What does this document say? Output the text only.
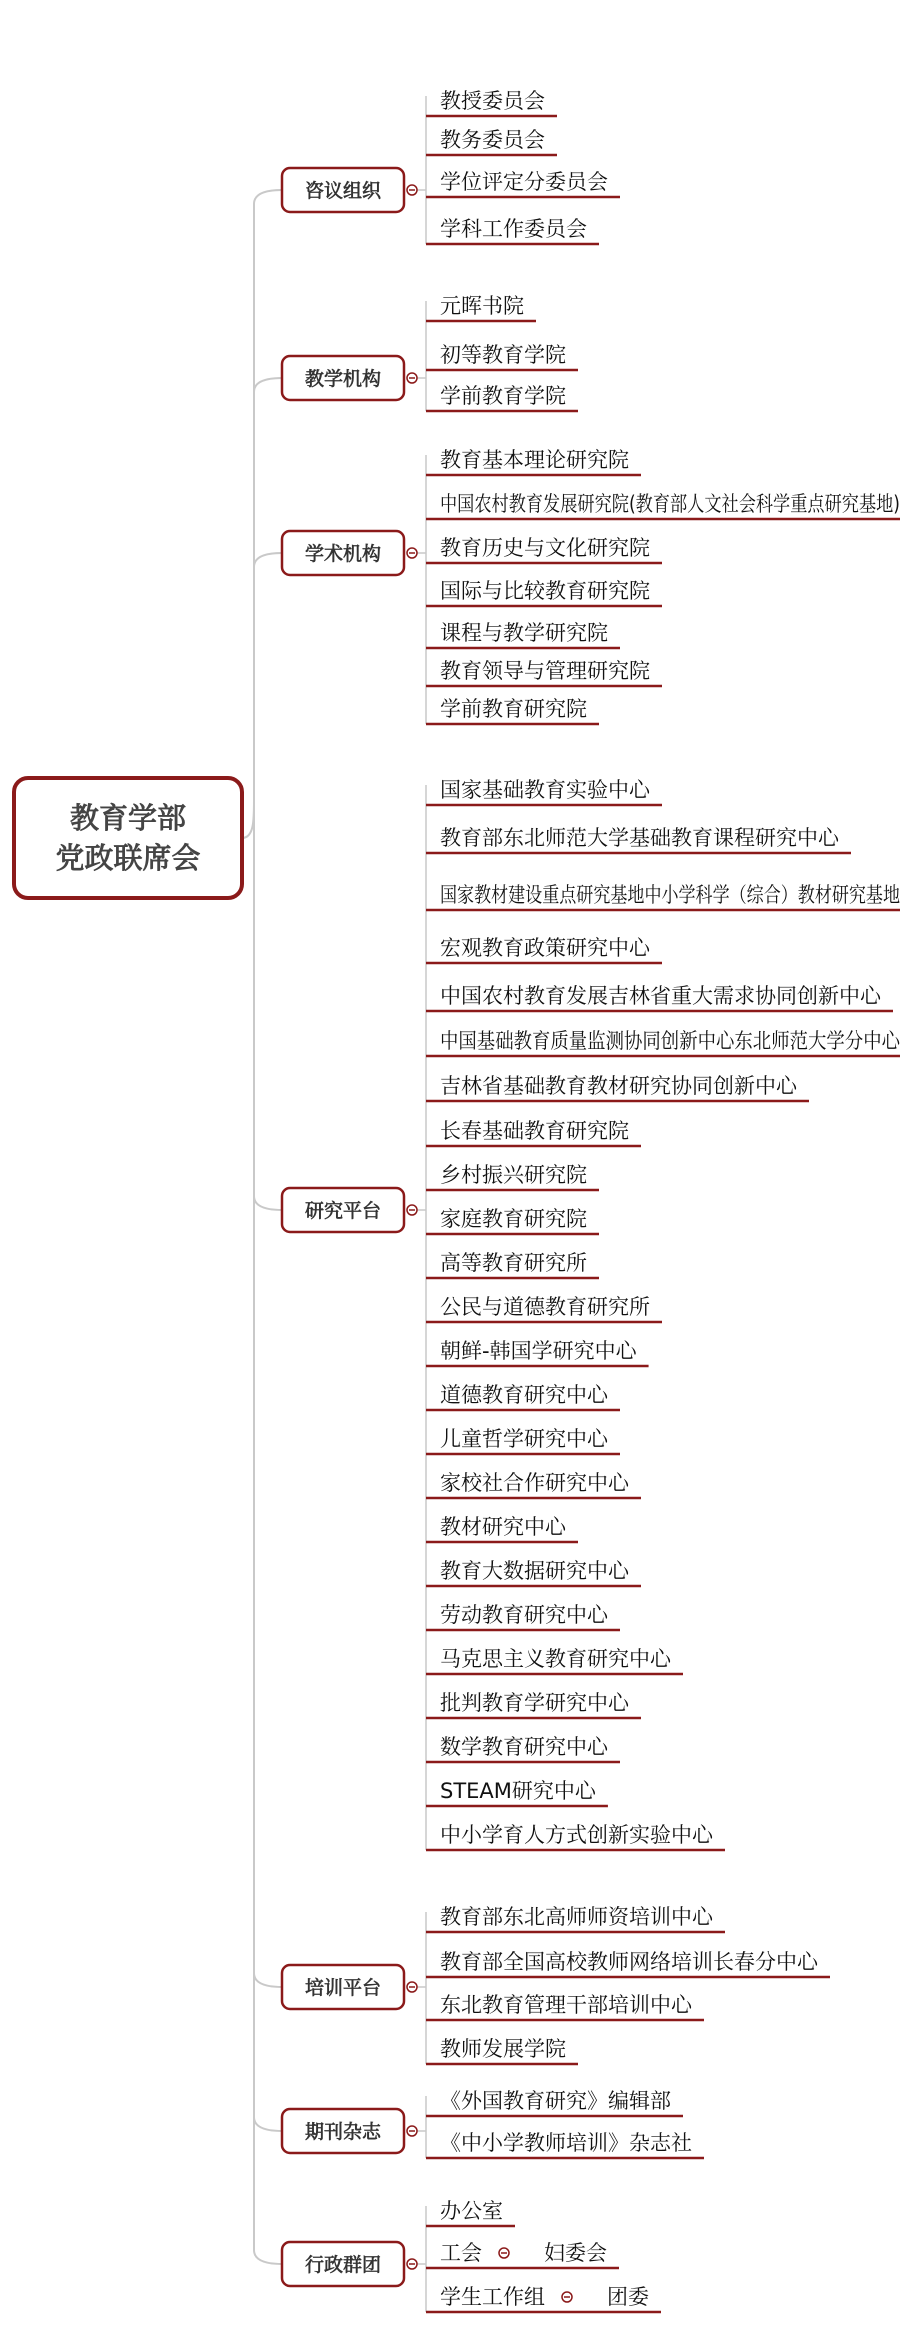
教育学部
党政联席会
咨议组织
教授委员会
教务委员会
学位评定分委员会
学科工作委员会
教学机构
元晖书院
初等教育学院
学前教育学院
学术机构
教育基本理论研究院
中国农村教育发展研究院(教育部人文社会科学重点研究基地)
教育历史与文化研究院
国际与比较教育研究院
课程与教学研究院
教育领导与管理研究院
学前教育研究院
研究平台
国家基础教育实验中心
教育部东北师范大学基础教育课程研究中心
国家教材建设重点研究基地中小学科学（综合）教材研究基地
宏观教育政策研究中心
中国农村教育发展吉林省重大需求协同创新中心
中国基础教育质量监测协同创新中心东北师范大学分中心
吉林省基础教育教材研究协同创新中心
长春基础教育研究院
乡村振兴研究院
家庭教育研究院
高等教育研究所
公民与道德教育研究所
朝鲜-韩国学研究中心
道德教育研究中心
儿童哲学研究中心
家校社合作研究中心
教材研究中心
教育大数据研究中心
劳动教育研究中心
马克思主义教育研究中心
批判教育学研究中心
数学教育研究中心
STEAM研究中心
中小学育人方式创新实验中心
培训平台
教育部东北高师师资培训中心
教育部全国高校教师网络培训长春分中心
东北教育管理干部培训中心
教师发展学院
期刊杂志
《外国教育研究》编辑部
《中小学教师培训》杂志社
行政群团
办公室
工会	妇委会
学生工作组	团委
